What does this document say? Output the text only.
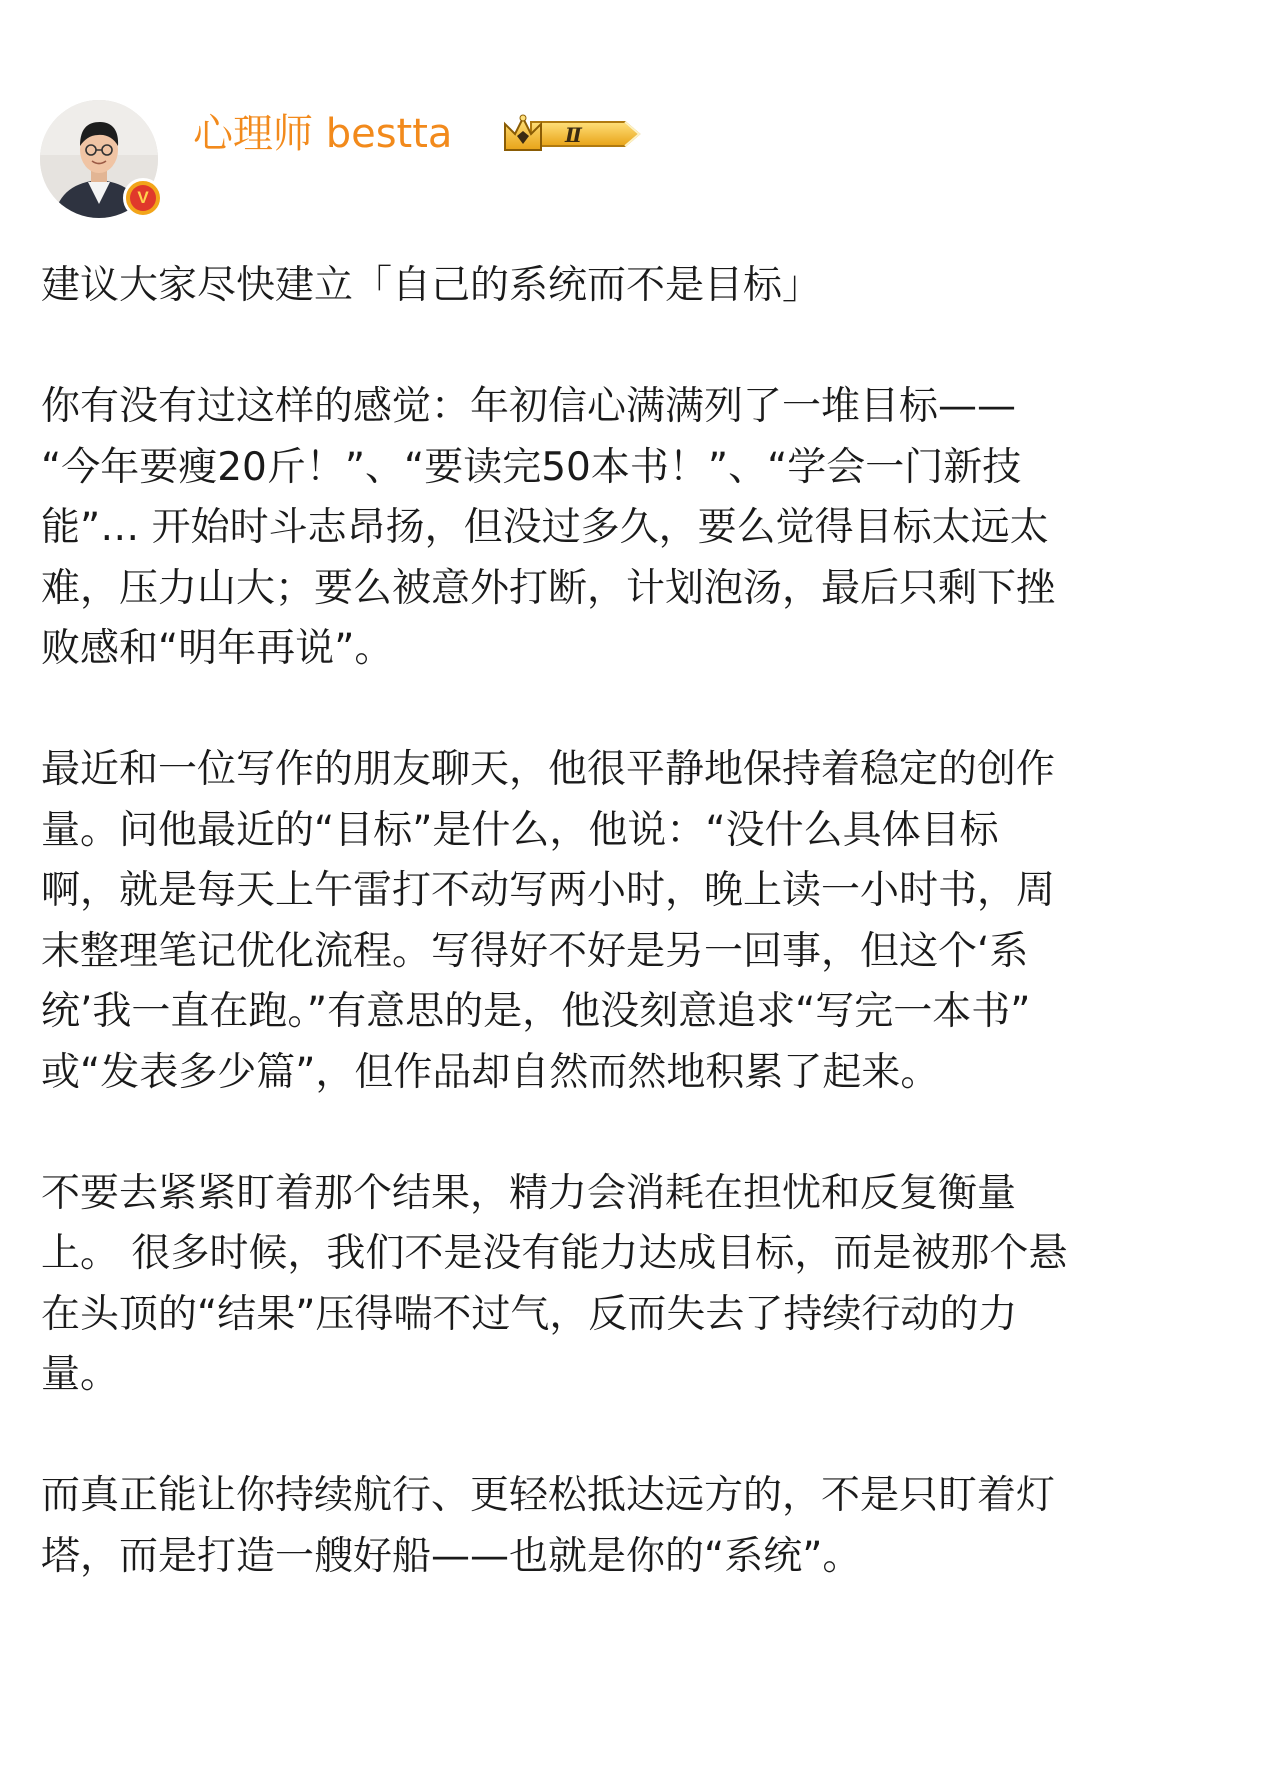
V
心理师 bestta	Ⅱ
建议大家尽快建立「自己的系统而不是目标」
你有没有过这样的感觉：年初信心满满列了一堆目标——
“今年要瘦20斤！”、“要读完50本书！”、“学会一门新技
能”… 开始时斗志昂扬，但没过多久，要么觉得目标太远太
难，压力山大；要么被意外打断，计划泡汤，最后只剩下挫
败感和“明年再说”。
最近和一位写作的朋友聊天，他很平静地保持着稳定的创作
量。问他最近的“目标”是什么，他说：“没什么具体目标
啊，就是每天上午雷打不动写两小时，晚上读一小时书，周
末整理笔记优化流程。写得好不好是另一回事，但这个‘系
统’我一直在跑。”有意思的是，他没刻意追求“写完一本书”
或“发表多少篇”，但作品却自然而然地积累了起来。
不要去紧紧盯着那个结果，精力会消耗在担忧和反复衡量
上。 很多时候，我们不是没有能力达成目标，而是被那个悬
在头顶的“结果”压得喘不过气，反而失去了持续行动的力
量。
而真正能让你持续航行、更轻松抵达远方的，不是只盯着灯
塔，而是打造一艘好船——也就是你的“系统”。
